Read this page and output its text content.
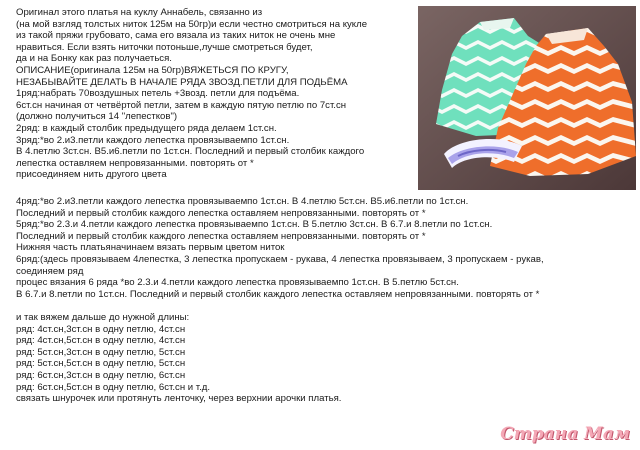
Оригинал этого платья на куклу Аннабель, связанно из
(на мой взгляд толстых ниток 125м на 50гр)и если честно смотриться на кукле
из такой пряжи грубовато, сама его вязала из таких ниток не очень мне
нравиться. Если взять ниточки потоньше,лучше смотреться будет,
да и на Бонку как раз получаеться.
ОПИСАНИЕ(оригинала 125м на 50гр)ВЯЖЕТЬСЯ ПО КРУГУ,
НЕЗАБЫВАЙТЕ ДЕЛАТЬ В НАЧАЛЕ РЯДА 3ВОЗД.ПЕТЛИ ДЛЯ ПОДЬЁМА
1ряд:набрать 70воздушных петель +3возд. петли для подъёма.
6ст.сн начиная от четвёртой петли, затем в каждую пятую петлю по 7ст.сн
(должно получиться 14 "лепестков")
2ряд: в каждый столбик предыдущего ряда делаем 1ст.сн.
3ряд:*во 2.и3.петли каждого лепестка провязываемпо 1ст.сн.
В 4.петлю 3ст.сн. В5.и6.петли по 1ст.сн. Последний и первый столбик каждого
лепестка оставляем непровязанными. повторять от *
присоединяем нить другого цвета
4ряд:*во 2.и3.петли каждого лепестка провязываемпо 1ст.сн. В 4.петлю 5ст.сн. В5.и6.петли по 1ст.сн.
Последний и первый столбик каждого лепестка оставляем непровязанными. повторять от *
5ряд:*во 2.3.и 4.петли каждого лепестка провязываемпо 1ст.сн. В 5.петлю 3ст.сн. В 6.7.и 8.петли по 1ст.сн.
Последний и первый столбик каждого лепестка оставляем непровязанными. повторять от *
Нижняя часть платьяначинаем вязать первым цветом ниток
6ряд:(здесь провязываем 4лепестка, 3 лепестка пропускаем - рукава, 4 лепестка провязываем, 3 пропускаем - рукав,
соединяем ряд
процес вязания 6 ряда *во 2.3.и 4.петли каждого лепестка провязываемпо 1ст.сн. В 5.петлю 5ст.сн.
В 6.7.и 8.петли по 1ст.сн. Последний и первый столбик каждого лепестка оставляем непровязанными. повторять от *
и так вяжем дальше до нужной длины:
ряд: 4ст.сн,3ст.сн в одну петлю, 4ст.сн
ряд: 4ст.сн,5ст.сн в одну петлю, 4ст.сн
ряд: 5ст.сн,3ст.сн в одну петлю, 5ст.сн
ряд: 5ст.сн,5ст.сн в одну петлю, 5ст.сн
ряд: 6ст.сн,3ст.сн в одну петлю, 6ст.сн
ряд: 6ст.сн,5ст.сн в одну петлю, 6ст.сн и т.д.
связать шнурочек или протянуть ленточку, через верхнии арочки платья.
Страна Мам
